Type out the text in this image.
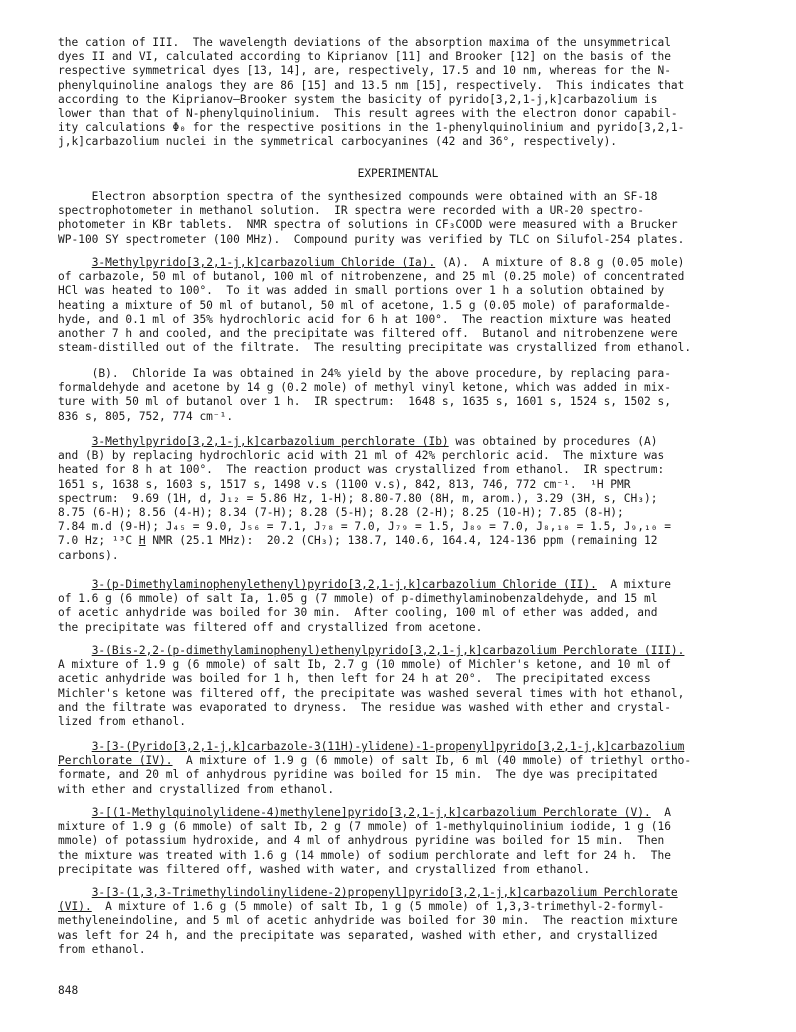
the cation of III.  The wavelength deviations of the absorption maxima of the unsymmetrical
dyes II and VI, calculated according to Kiprianov [11] and Brooker [12] on the basis of the
respective symmetrical dyes [13, 14], are, respectively, 17.5 and 10 nm, whereas for the N-
phenylquinoline analogs they are 86 [15] and 13.5 nm [15], respectively.  This indicates that
according to the Kiprianov–Brooker system the basicity of pyrido[3,2,1-j,k]carbazolium is
lower than that of N-phenylquinolinium.  This result agrees with the electron donor capabil-
ity calculations Φ₀ for the respective positions in the 1-phenylquinolinium and pyrido[3,2,1-
j,k]carbazolium nuclei in the symmetrical carbocyanines (42 and 36°, respectively).
EXPERIMENTAL
Electron absorption spectra of the synthesized compounds were obtained with an SF-18
spectrophotometer in methanol solution.  IR spectra were recorded with a UR-20 spectro-
photometer in KBr tablets.  NMR spectra of solutions in CF₃COOD were measured with a Brucker
WP-100 SY spectrometer (100 MHz).  Compound purity was verified by TLC on Silufol-254 plates.
3-Methylpyrido[3,2,1-j,k]carbazolium Chloride (Ia). (A).  A mixture of 8.8 g (0.05 mole)
of carbazole, 50 ml of butanol, 100 ml of nitrobenzene, and 25 ml (0.25 mole) of concentrated
HCl was heated to 100°.  To it was added in small portions over 1 h a solution obtained by
heating a mixture of 50 ml of butanol, 50 ml of acetone, 1.5 g (0.05 mole) of paraformalde-
hyde, and 0.1 ml of 35% hydrochloric acid for 6 h at 100°.  The reaction mixture was heated
another 7 h and cooled, and the precipitate was filtered off.  Butanol and nitrobenzene were
steam-distilled out of the filtrate.  The resulting precipitate was crystallized from ethanol.
(B).  Chloride Ia was obtained in 24% yield by the above procedure, by replacing para-
formaldehyde and acetone by 14 g (0.2 mole) of methyl vinyl ketone, which was added in mix-
ture with 50 ml of butanol over 1 h.  IR spectrum:  1648 s, 1635 s, 1601 s, 1524 s, 1502 s,
836 s, 805, 752, 774 cm⁻¹.
3-Methylpyrido[3,2,1-j,k]carbazolium perchlorate (Ib) was obtained by procedures (A)
and (B) by replacing hydrochloric acid with 21 ml of 42% perchloric acid.  The mixture was
heated for 8 h at 100°.  The reaction product was crystallized from ethanol.  IR spectrum:
1651 s, 1638 s, 1603 s, 1517 s, 1498 v.s (1100 v.s), 842, 813, 746, 772 cm⁻¹.  ¹H PMR
spectrum:  9.69 (1H, d, J₁₂ = 5.86 Hz, 1-H); 8.80-7.80 (8H, m, arom.), 3.29 (3H, s, CH₃);
8.75 (6-H); 8.56 (4-H); 8.34 (7-H); 8.28 (5-H); 8.28 (2-H); 8.25 (10-H); 7.85 (8-H);
7.84 m.d (9-H); J₄₅ = 9.0, J₅₆ = 7.1, J₇₈ = 7.0, J₇₉ = 1.5, J₈₉ = 7.0, J₈,₁₀ = 1.5, J₉,₁₀ =
7.0 Hz; ¹³C H NMR (25.1 MHz):  20.2 (CH₃); 138.7, 140.6, 164.4, 124-136 ppm (remaining 12
carbons).
3-(p-Dimethylaminophenylethenyl)pyrido[3,2,1-j,k]carbazolium Chloride (II).  A mixture
of 1.6 g (6 mmole) of salt Ia, 1.05 g (7 mmole) of p-dimethylaminobenzaldehyde, and 15 ml
of acetic anhydride was boiled for 30 min.  After cooling, 100 ml of ether was added, and
the precipitate was filtered off and crystallized from acetone.
3-(Bis-2,2-(p-dimethylaminophenyl)ethenylpyrido[3,2,1-j,k]carbazolium Perchlorate (III).
A mixture of 1.9 g (6 mmole) of salt Ib, 2.7 g (10 mmole) of Michler's ketone, and 10 ml of
acetic anhydride was boiled for 1 h, then left for 24 h at 20°.  The precipitated excess
Michler's ketone was filtered off, the precipitate was washed several times with hot ethanol,
and the filtrate was evaporated to dryness.  The residue was washed with ether and crystal-
lized from ethanol.
3-[3-(Pyrido[3,2,1-j,k]carbazole-3(11H)-ylidene)-1-propenyl]pyrido[3,2,1-j,k]carbazolium
Perchlorate (IV).  A mixture of 1.9 g (6 mmole) of salt Ib, 6 ml (40 mmole) of triethyl ortho-
formate, and 20 ml of anhydrous pyridine was boiled for 15 min.  The dye was precipitated
with ether and crystallized from ethanol.
3-[(1-Methylquinolylidene-4)methylene]pyrido[3,2,1-j,k]carbazolium Perchlorate (V).  A
mixture of 1.9 g (6 mmole) of salt Ib, 2 g (7 mmole) of 1-methylquinolinium iodide, 1 g (16
mmole) of potassium hydroxide, and 4 ml of anhydrous pyridine was boiled for 15 min.  Then
the mixture was treated with 1.6 g (14 mmole) of sodium perchlorate and left for 24 h.  The
precipitate was filtered off, washed with water, and crystallized from ethanol.
3-[3-(1,3,3-Trimethylindolinylidene-2)propenyl]pyrido[3,2,1-j,k]carbazolium Perchlorate
(VI).  A mixture of 1.6 g (5 mmole) of salt Ib, 1 g (5 mmole) of 1,3,3-trimethyl-2-formyl-
methyleneindoline, and 5 ml of acetic anhydride was boiled for 30 min.  The reaction mixture
was left for 24 h, and the precipitate was separated, washed with ether, and crystallized
from ethanol.
848
